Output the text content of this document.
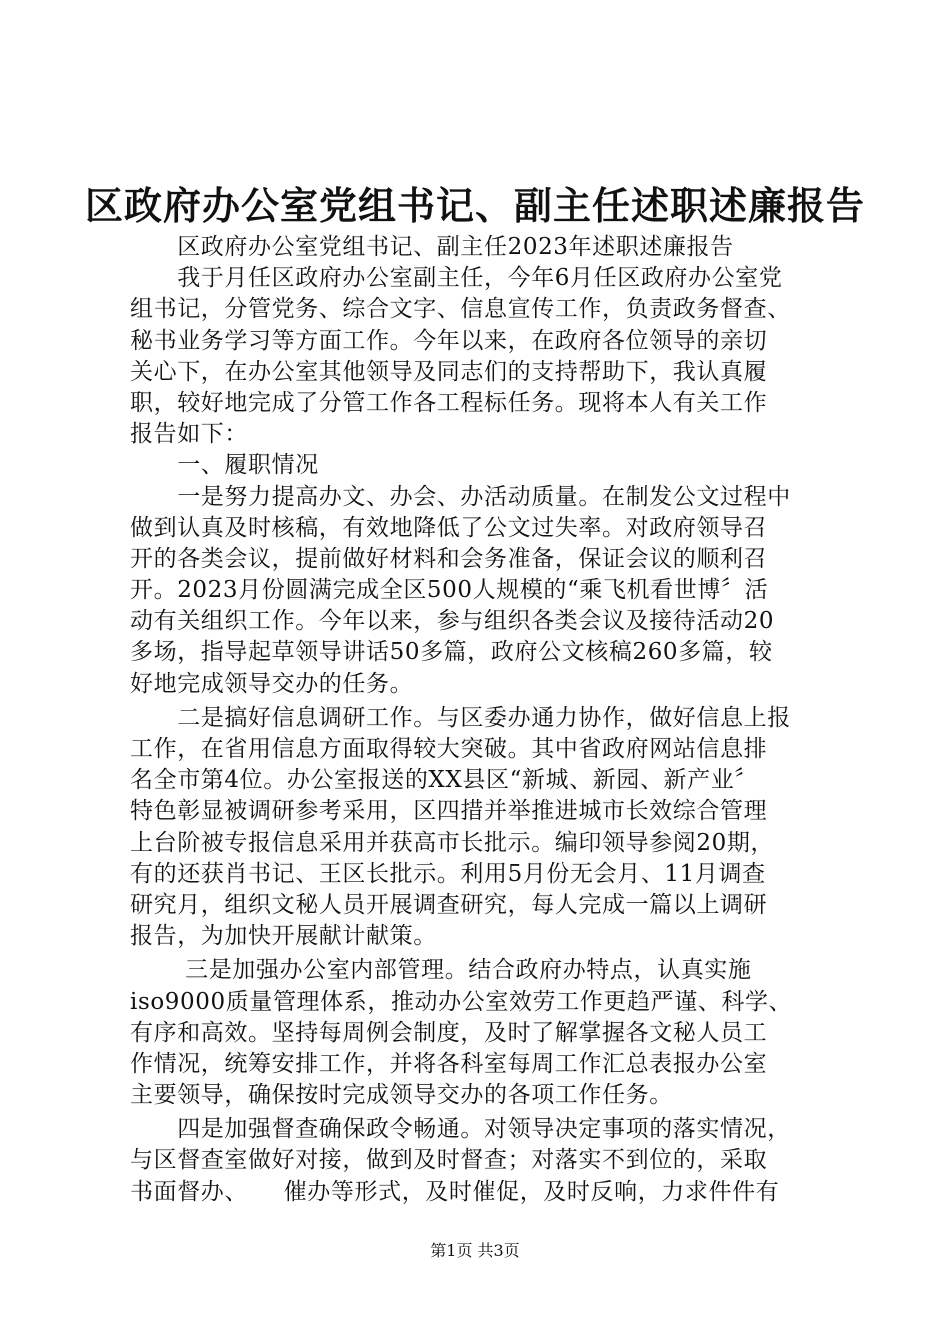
区政府办公室党组书记、副主任述职述廉报告
　　区政府办公室党组书记、副主任2023年述职述廉报告
　　我于月任区政府办公室副主任，今年6月任区政府办公室党
组书记，分管党务、综合文字、信息宣传工作，负责政务督查、
秘书业务学习等方面工作。今年以来，在政府各位领导的亲切
关心下，在办公室其他领导及同志们的支持帮助下，我认真履
职，较好地完成了分管工作各工程标任务。现将本人有关工作
报告如下：
　　一、履职情况
　　一是努力提高办文、办会、办活动质量。在制发公文过程中
做到认真及时核稿，有效地降低了公文过失率。对政府领导召
开的各类会议，提前做好材料和会务准备，保证会议的顺利召
开。2023月份圆满完成全区500人规模的“乘飞机看世博〞活
动有关组织工作。今年以来，参与组织各类会议及接待活动20
多场，指导起草领导讲话50多篇，政府公文核稿260多篇，较
好地完成领导交办的任务。
　　二是搞好信息调研工作。与区委办通力协作，做好信息上报
工作，在省用信息方面取得较大突破。其中省政府网站信息排
名全市第4位。办公室报送的XX县区“新城、新园、新产业〞
特色彰显被调研参考采用，区四措并举推进城市长效综合管理
上台阶被专报信息采用并获高市长批示。编印领导参阅20期，
有的还获肖书记、王区长批示。利用5月份无会月、11月调查
研究月，组织文秘人员开展调查研究，每人完成一篇以上调研
报告，为加快开展献计献策。
　　 三是加强办公室内部管理。结合政府办特点，认真实施
iso9000质量管理体系，推动办公室效劳工作更趋严谨、科学、
有序和高效。坚持每周例会制度，及时了解掌握各文秘人员工
作情况，统筹安排工作，并将各科室每周工作汇总表报办公室
主要领导，确保按时完成领导交办的各项工作任务。
　　四是加强督查确保政令畅通。对领导决定事项的落实情况，
与区督查室做好对接，做到及时督查；对落实不到位的，采取
书面督办、　　催办等形式，及时催促，及时反响，力求件件有
第1页 共3页
